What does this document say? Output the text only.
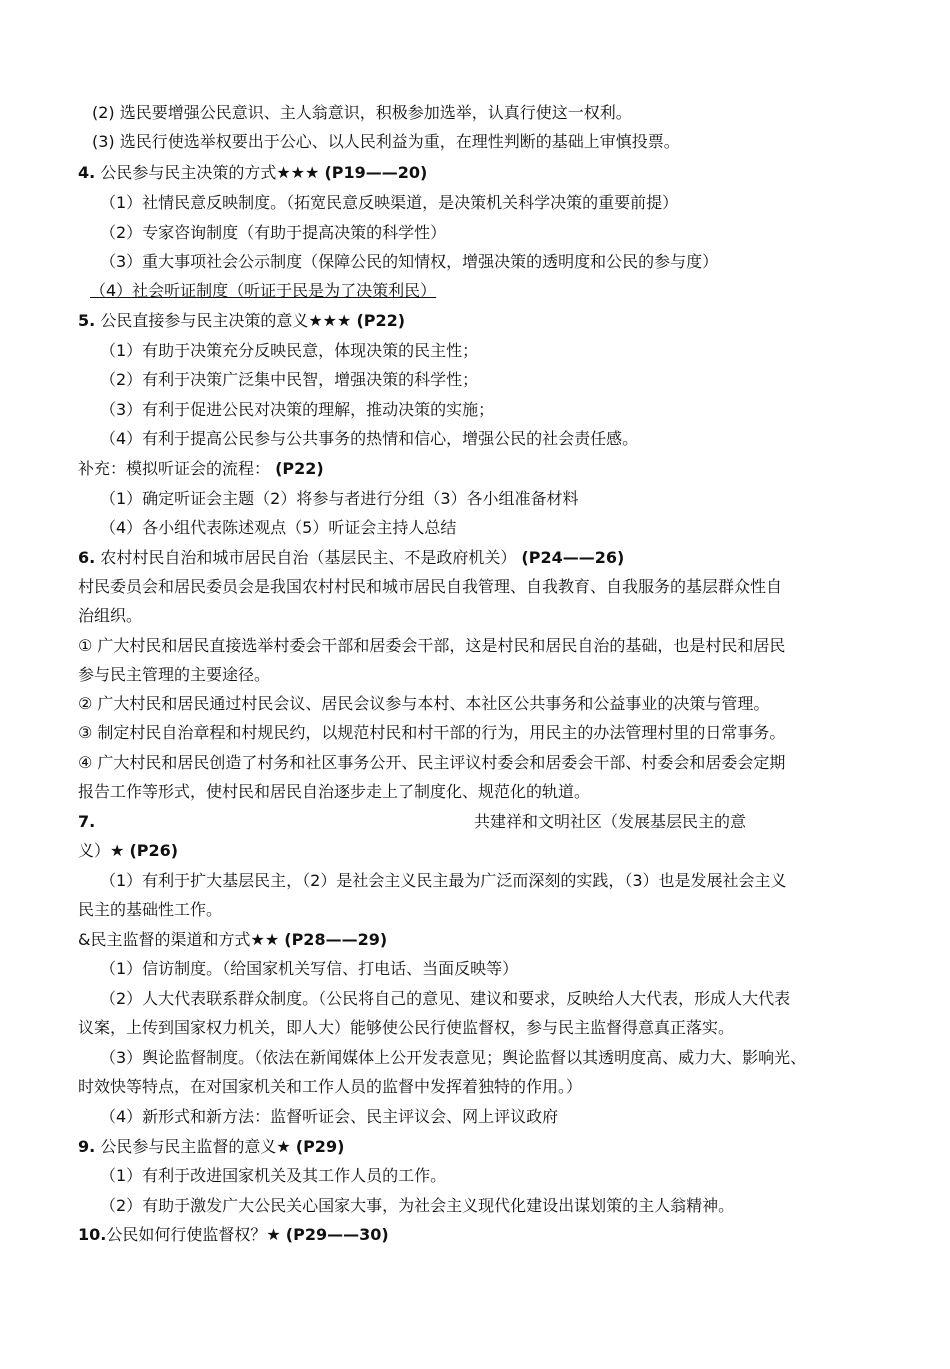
(2) 选民要增强公民意识、主人翁意识，积极参加选举，认真行使这一权利。
(3) 选民行使选举权要出于公心、以人民利益为重，在理性判断的基础上审慎投票。
4. 公民参与民主决策的方式★★★ (P19——20)
（1）社情民意反映制度。（拓宽民意反映渠道，是决策机关科学决策的重要前提）
（2）专家咨询制度（有助于提高决策的科学性）
（3）重大事项社会公示制度（保障公民的知情权，增强决策的透明度和公民的参与度）
（4）社会听证制度（听证于民是为了决策利民）
5. 公民直接参与民主决策的意义★★★ (P22)
（1）有助于决策充分反映民意，体现决策的民主性；
（2）有利于决策广泛集中民智，增强决策的科学性；
（3）有利于促进公民对决策的理解，推动决策的实施；
（4）有利于提高公民参与公共事务的热情和信心，增强公民的社会责任感。
补充：模拟听证会的流程： (P22)
（1）确定听证会主题（2）将参与者进行分组（3）各小组准备材料
（4）各小组代表陈述观点（5）听证会主持人总结
6. 农村村民自治和城市居民自治（基层民主、不是政府机关） (P24——26)
村民委员会和居民委员会是我国农村村民和城市居民自我管理、自我教育、自我服务的基层群众性自
治组织。
① 广大村民和居民直接选举村委会干部和居委会干部，这是村民和居民自治的基础，也是村民和居民
参与民主管理的主要途径。
② 广大村民和居民通过村民会议、居民会议参与本村、本社区公共事务和公益事业的决策与管理。
③ 制定村民自治章程和村规民约，以规范村民和村干部的行为，用民主的办法管理村里的日常事务。
④ 广大村民和居民创造了村务和社区事务公开、民主评议村委会和居委会干部、村委会和居委会定期
报告工作等形式，使村民和居民自治逐步走上了制度化、规范化的轨道。
7.	共建祥和文明社区（发展基层民主的意
义）★ (P26)
（1）有利于扩大基层民主，（2）是社会主义民主最为广泛而深刻的实践，（3）也是发展社会主义
民主的基础性工作。
&民主监督的渠道和方式★★ (P28——29)
（1）信访制度。（给国家机关写信、打电话、当面反映等）
（2）人大代表联系群众制度。（公民将自己的意见、建议和要求，反映给人大代表，形成人大代表
议案，上传到国家权力机关，即人大）能够使公民行使监督权，参与民主监督得意真正落实。
（3）舆论监督制度。（依法在新闻媒体上公开发表意见；舆论监督以其透明度高、威力大、影响光、
时效快等特点，在对国家机关和工作人员的监督中发挥着独特的作用。）
（4）新形式和新方法：监督听证会、民主评议会、网上评议政府
9. 公民参与民主监督的意义★ (P29)
（1）有利于改进国家机关及其工作人员的工作。
（2）有助于激发广大公民关心国家大事，为社会主义现代化建设出谋划策的主人翁精神。
10.公民如何行使监督权？★ (P29——30)
